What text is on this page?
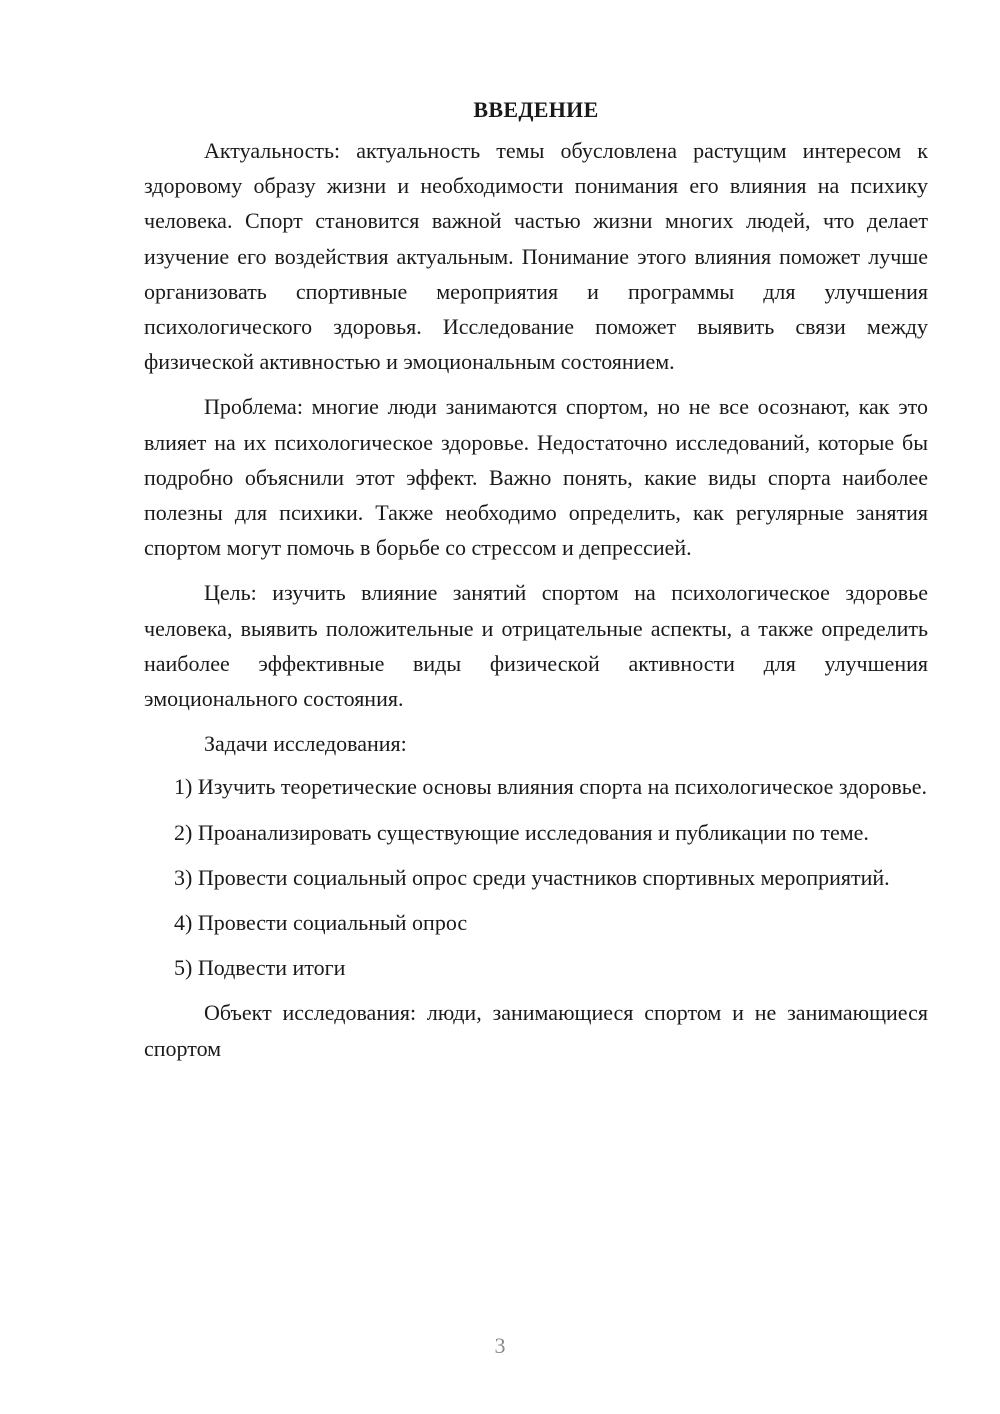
ВВЕДЕНИЕ

Актуальность: актуальность темы обусловлена растущим интересом к здоровому образу жизни и необходимости понимания его влияния на психику человека. Спорт становится важной частью жизни многих людей, что делает изучение его воздействия актуальным. Понимание этого влияния поможет лучше организовать спортивные мероприятия и программы для улучшения психологического здоровья. Исследование поможет выявить связи между физической активностью и эмоциональным состоянием.

Проблема: многие люди занимаются спортом, но не все осознают, как это влияет на их психологическое здоровье. Недостаточно исследований, которые бы подробно объяснили этот эффект. Важно понять, какие виды спорта наиболее полезны для психики. Также необходимо определить, как регулярные занятия спортом могут помочь в борьбе со стрессом и депрессией.

Цель: изучить влияние занятий спортом на психологическое здоровье человека, выявить положительные и отрицательные аспекты, а также определить наиболее эффективные виды физической активности для улучшения эмоционального состояния.

Задачи исследования:

1) Изучить теоретические основы влияния спорта на психологическое здоровье.

2) Проанализировать существующие исследования и публикации по теме.

3) Провести социальный опрос среди участников спортивных мероприятий.

4) Провести социальный опрос

5) Подвести итоги

Объект исследования: люди, занимающиеся спортом и не занимающиеся спортом

3
